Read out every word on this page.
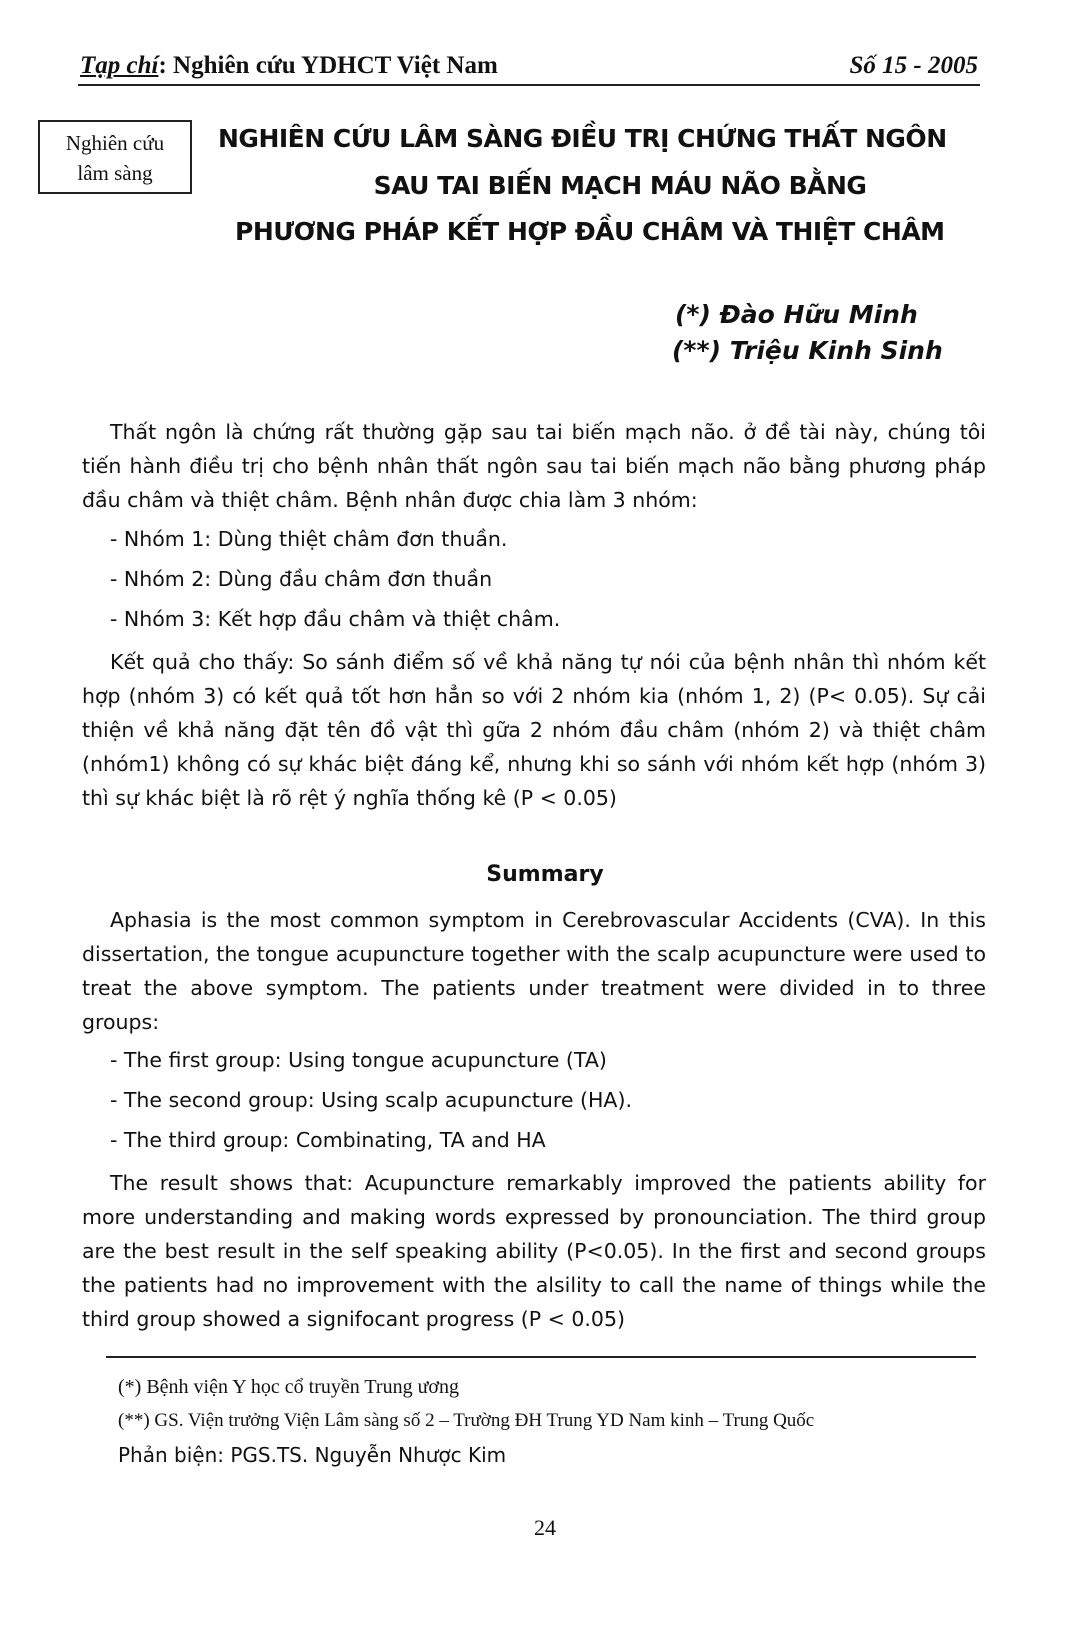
Tạp chí: Nghiên cứu YDHCT Việt Nam	Số 15 - 2005
Nghiên cứu
lâm sàng
NGHIÊN CỨU LÂM SÀNG ĐIỀU TRỊ CHỨNG THẤT NGÔN
SAU TAI BIẾN MẠCH MÁU NÃO BẰNG
PHƯƠNG PHÁP KẾT HỢP ĐẦU CHÂM VÀ THIỆT CHÂM
(*) Đào Hữu Minh
(**) Triệu Kinh Sinh
Thất ngôn là chứng rất thường gặp sau tai biến mạch não. ở đề tài này, chúng tôi tiến hành điều trị cho bệnh nhân thất ngôn sau tai biến mạch não bằng phương pháp đầu châm và thiệt châm. Bệnh nhân được chia làm 3 nhóm:
- Nhóm 1: Dùng thiệt châm đơn thuần.
- Nhóm 2: Dùng đầu châm đơn thuần
- Nhóm 3: Kết hợp đầu châm và thiệt châm.
Kết quả cho thấy: So sánh điểm số về khả năng tự nói của bệnh nhân thì nhóm kết hợp (nhóm 3) có kết quả tốt hơn hẳn so với 2 nhóm kia (nhóm 1, 2) (P< 0.05). Sự cải thiện về khả năng đặt tên đồ vật thì gữa 2 nhóm đầu châm (nhóm 2) và thiệt châm (nhóm1) không có sự khác biệt đáng kể, nhưng khi so sánh với nhóm kết hợp (nhóm 3) thì sự khác biệt là rõ rệt ý nghĩa thống kê (P < 0.05)
Summary
Aphasia is the most common symptom in Cerebrovascular Accidents (CVA). In this dissertation, the tongue acupuncture together with the scalp acupuncture were used to treat the above symptom. The patients under treatment were divided in to three groups:
- The first group: Using tongue acupuncture (TA)
- The second group: Using scalp acupuncture (HA).
- The third group: Combinating, TA and HA
The result shows that: Acupuncture remarkably improved the patients ability for more understanding and making words expressed by pronounciation. The third group are the best result in the self speaking ability (P<0.05). In the first and second groups the patients had no improvement with the alsility to call the name of things while the third group showed a signifocant progress (P < 0.05)
(*) Bệnh viện Y học cổ truyền Trung ương
(**) GS. Viện trưởng Viện Lâm sàng số 2 – Trường ĐH Trung YD Nam kinh – Trung Quốc
Phản biện: PGS.TS. Nguyễn Nhược Kim
24
